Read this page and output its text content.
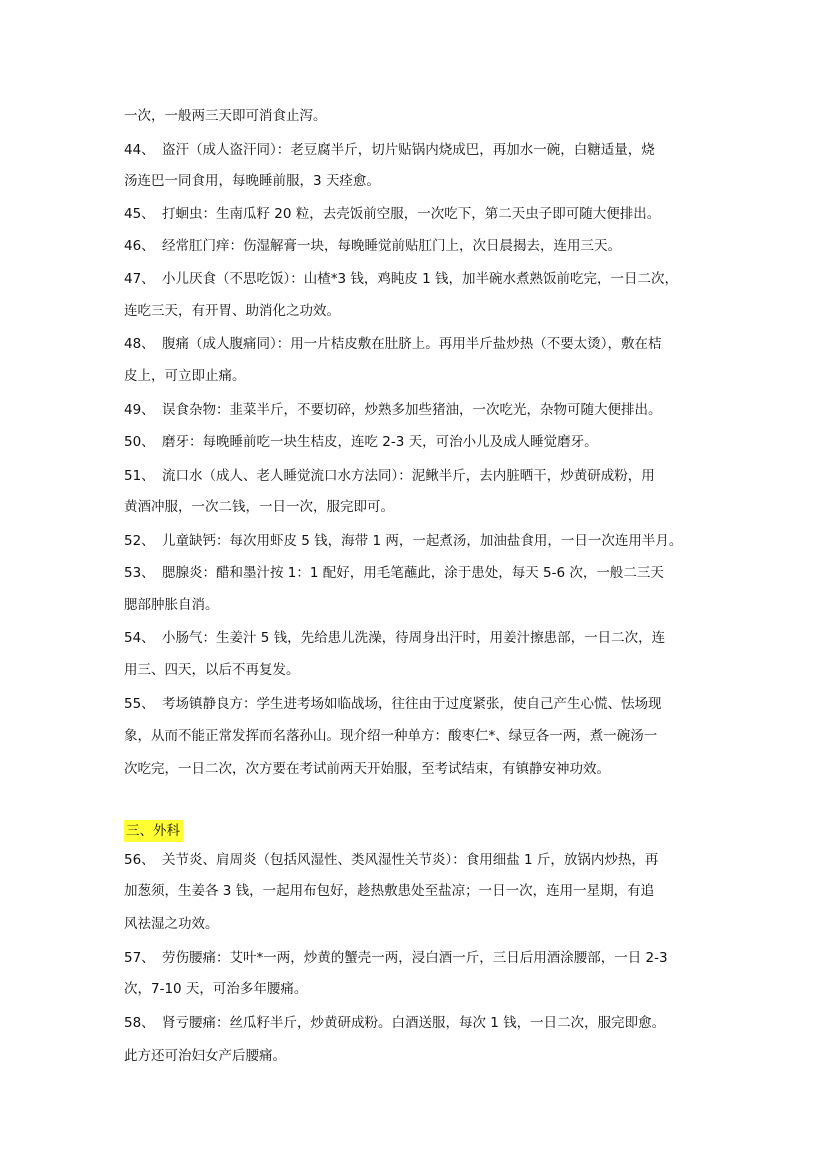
一次，一般两三天即可消食止泻。
44、 盗汗（成人盗汗同）：老豆腐半斤，切片贴锅内烧成巴，再加水一碗，白糖适量，烧
汤连巴一同食用，每晚睡前服，3 天痊愈。
45、 打蛔虫：生南瓜籽 20 粒，去壳饭前空服，一次吃下，第二天虫子即可随大便排出。
46、 经常肛门痒：伤湿解膏一块，每晚睡觉前贴肛门上，次日晨揭去，连用三天。
47、 小儿厌食（不思吃饭）：山楂*3 钱，鸡盹皮 1 钱，加半碗水煮熟饭前吃完，一日二次，
连吃三天，有开胃、助消化之功效。
48、 腹痛（成人腹痛同）：用一片桔皮敷在肚脐上。再用半斤盐炒热（不要太烫），敷在桔
皮上，可立即止痛。
49、 误食杂物：韭菜半斤，不要切碎，炒熟多加些猪油，一次吃光，杂物可随大便排出。
50、 磨牙：每晚睡前吃一块生桔皮，连吃 2-3 天，可治小儿及成人睡觉磨牙。
51、 流口水（成人、老人睡觉流口水方法同）：泥鳅半斤，去内脏晒干，炒黄研成粉，用
黄酒冲服，一次二钱，一日一次，服完即可。
52、 儿童缺钙：每次用虾皮 5 钱，海带 1 两，一起煮汤，加油盐食用，一日一次连用半月。
53、 腮腺炎：醋和墨汁按 1：1 配好，用毛笔蘸此，涂于患处，每天 5-6 次，一般二三天
腮部肿胀自消。
54、 小肠气：生姜汁 5 钱，先给患儿洗澡，待周身出汗时，用姜汁擦患部，一日二次，连
用三、四天，以后不再复发。
55、 考场镇静良方：学生进考场如临战场，往往由于过度紧张，使自己产生心慌、怯场现
象，从而不能正常发挥而名落孙山。现介绍一种单方：酸枣仁*、绿豆各一两，煮一碗汤一
次吃完，一日二次，次方要在考试前两天开始服，至考试结束，有镇静安神功效。
三、外科
56、 关节炎、肩周炎（包括风湿性、类风湿性关节炎）：食用细盐 1 斤，放锅内炒热，再
加葱须，生姜各 3 钱，一起用布包好，趁热敷患处至盐凉；一日一次，连用一星期，有追
风祛湿之功效。
57、 劳伤腰痛：艾叶*一两，炒黄的蟹壳一两，浸白酒一斤，三日后用酒涂腰部，一日 2-3
次，7-10 天，可治多年腰痛。
58、 肾亏腰痛：丝瓜籽半斤，炒黄研成粉。白酒送服，每次 1 钱，一日二次，服完即愈。
此方还可治妇女产后腰痛。
